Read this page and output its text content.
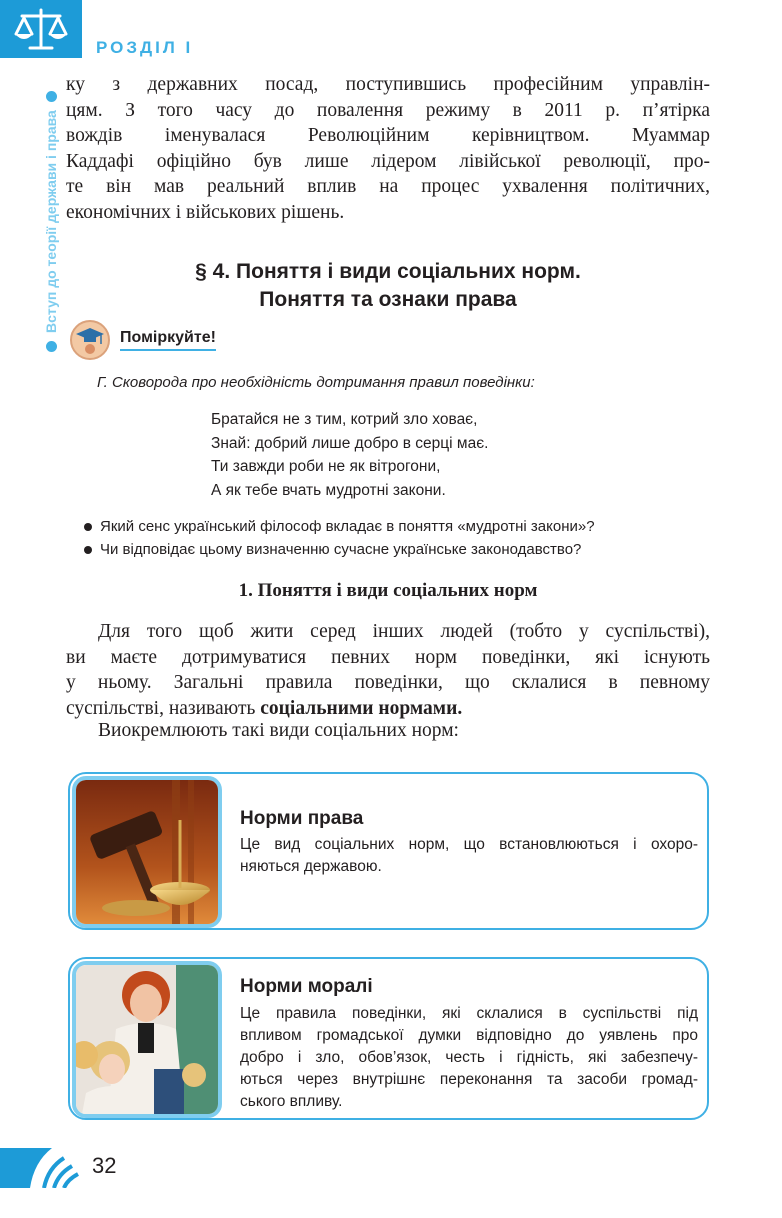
РОЗДІЛ І
Вступ до теорії держави і права
ку з державних посад, поступившись професійним управлін-
цям. З того часу до повалення режиму в 2011 р. п’ятірка
вождів іменувалася Революційним керівництвом. Муаммар
Каддафі офіційно був лише лідером лівійської революції, про-
те він мав реальний вплив на процес ухвалення політичних,
економічних і військових рішень.
§ 4. Поняття і види соціальних норм.
Поняття та ознаки права
Поміркуйте!
Г. Сковорода про необхідність дотримання правил поведінки:
Братайся не з тим, котрий зло ховає,
Знай: добрий лише добро в серці має.
Ти завжди роби не як вітрогони,
А як тебе вчать мудротні закони.
Який сенс український філософ вкладає в поняття «мудротні закони»?
Чи відповідає цьому визначенню сучасне українське законодавство?
1. Поняття і види соціальних норм
Для того щоб жити серед інших людей (тобто у суспільстві),
ви маєте дотримуватися певних норм поведінки, які існують
у ньому. Загальні правила поведінки, що склалися в певному
суспільстві, називають соціальними нормами.
Виокремлюють такі види соціальних норм:
Норми права
Це вид соціальних норм, що встановлюються і охоро-
няються державою.
Норми моралі
Це правила поведінки, які склалися в суспільстві під
впливом громадської думки відповідно до уявлень про
добро і зло, обов’язок, честь і гідність, які забезпечу-
ються через внутрішнє переконання та засоби громад-
ського впливу.
32
